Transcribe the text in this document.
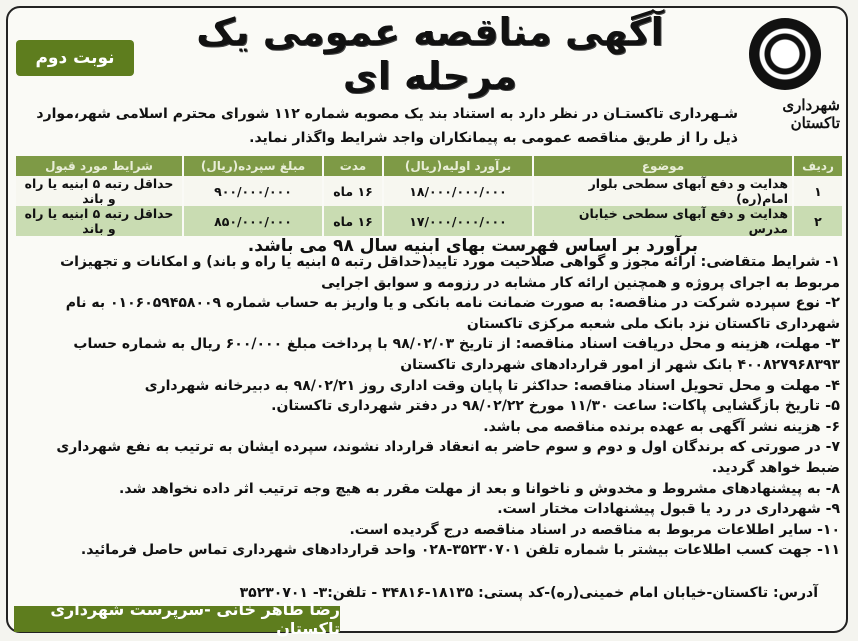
شهرداری تاکستان
آگهی مناقصه عمومی یک مرحله ای
نوبت دوم
شـهرداری تاکستـان در نظر دارد به استناد بند یک مصوبه شماره ۱۱۲ شورای محترم اسلامی شهر،موارد ذیل را از طریق مناقصه عمومی به پیمانکاران واجد شرایط واگذار نماید.
ردیف	موضوع	برآورد اولیه(ریال)	مدت	مبلغ سپرده(ریال)	شرایط مورد قبول
۱	هدایت و دفع آبهای سطحی بلوار امام(ره)	۱۸/۰۰۰/۰۰۰/۰۰۰	۱۶ ماه	۹۰۰/۰۰۰/۰۰۰	حداقل رتبه ۵ ابنیه یا راه و باند
۲	هدایت و دفع آبهای سطحی خیابان مدرس	۱۷/۰۰۰/۰۰۰/۰۰۰	۱۶ ماه	۸۵۰/۰۰۰/۰۰۰	حداقل رتبه ۵ ابنیه یا راه و باند
برآورد بر اساس فهرست بهای ابنیه سال ۹۸ می باشد.

۱- شرایط متقاضی: ارائه مجوز و گواهی صلاحیت مورد تایید(حداقل رتبه ۵ ابنیه یا راه و باند) و امکانات و تجهیزات مربوط به اجرای پروژه و همچنین ارائه کار مشابه در رزومه و سوابق اجرایی

۲- نوع سپرده شرکت در مناقصه: به صورت ضمانت نامه بانکی و یا واریز به حساب شماره ۰۱۰۶۰۵۹۴۵۸۰۰۹ به نام شهرداری تاکستان نزد بانک ملی شعبه مرکزی تاکستان

۳- مهلت، هزینه و محل دریافت اسناد مناقصه: از تاریخ ۹۸/۰۲/۰۳ با پرداخت مبلغ ۶۰۰/۰۰۰ ریال به شماره حساب ۴۰۰۸۲۷۹۶۸۳۹۳ بانک شهر از امور قراردادهای شهرداری تاکستان

۴- مهلت و محل تحویل اسناد مناقصه: حداکثر تا پایان وقت اداری روز ۹۸/۰۲/۲۱ به دبیرخانه شهرداری

۵- تاریخ بازگشایی پاکات: ساعت ۱۱/۳۰ مورخ ۹۸/۰۲/۲۲ در دفتر شهرداری تاکستان.

۶- هزینه نشر آگهی به عهده برنده مناقصه می باشد.

۷- در صورتی که برندگان اول و دوم و سوم حاضر به انعقاد قرارداد نشوند، سپرده ایشان به ترتیب به نفع شهرداری ضبط خواهد گردید.

۸- به پیشنهادهای مشروط و مخدوش و ناخوانا و بعد از مهلت مقرر به هیچ وجه ترتیب اثر داده نخواهد شد.

۹- شهرداری در رد یا قبول پیشنهادات مختار است.

۱۰- سایر اطلاعات مربوط به مناقصه در اسناد مناقصه درج گردیده است.

۱۱- جهت کسب اطلاعات بیشتر با شماره تلفن ۳۵۲۳۰۷۰۱-۰۲۸ واحد قراردادهای شهرداری تماس حاصل فرمائید.

آدرس: تاکستان-خیابان امام خمینی(ره)-کد پستی: ۱۸۱۳۵-۳۴۸۱۶ - تلفن:۳- ۳۵۲۳۰۷۰۱
رضا طاهر خانی -سرپرست شهرداری تاکستان
